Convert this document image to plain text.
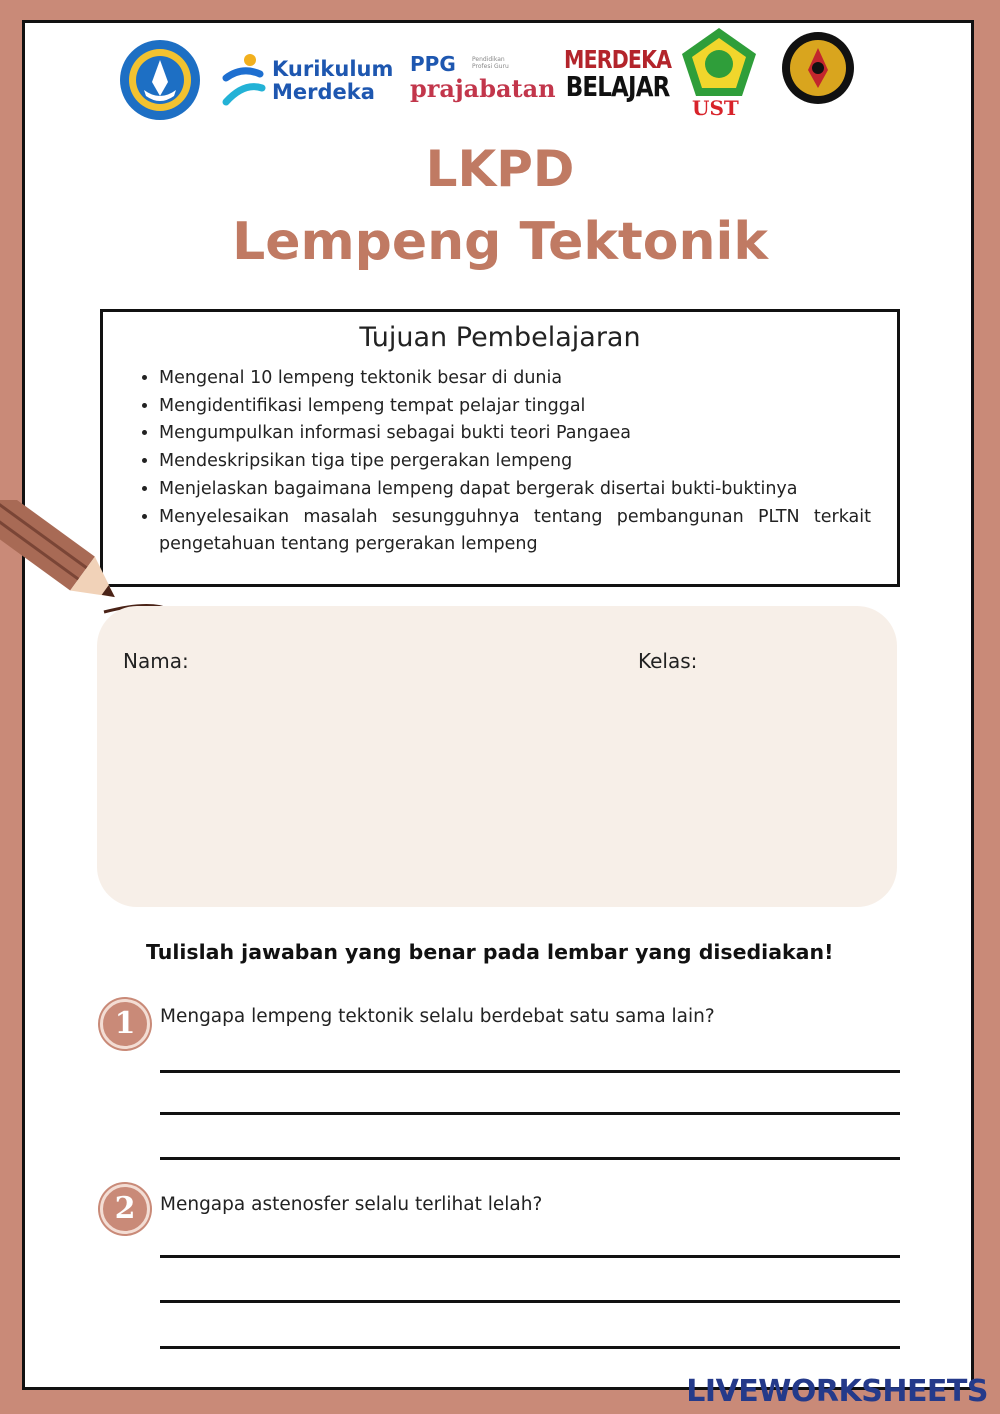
Kurikulum
Merdeka
PPG	Pendidikan Profesi Guru
prajabatan
MERDEKA
BELAJAR
UST
LKPD
Lempeng Tektonik
Tujuan Pembelajaran
• Mengenal 10 lempeng tektonik besar di dunia
• Mengidentifikasi lempeng tempat pelajar tinggal
• Mengumpulkan informasi sebagai bukti teori Pangaea
• Mendeskripsikan tiga tipe pergerakan lempeng
• Menjelaskan bagaimana lempeng dapat bergerak disertai bukti-buktinya
• Menyelesaikan masalah sesungguhnya tentang pembangunan PLTN terkait pengetahuan tentang pergerakan lempeng
Nama:	Kelas:
Tulislah jawaban yang benar pada lembar yang disediakan!
1	Mengapa lempeng tektonik selalu berdebat satu sama lain?
2	Mengapa astenosfer selalu terlihat lelah?
LIVEWORKSHEETS
